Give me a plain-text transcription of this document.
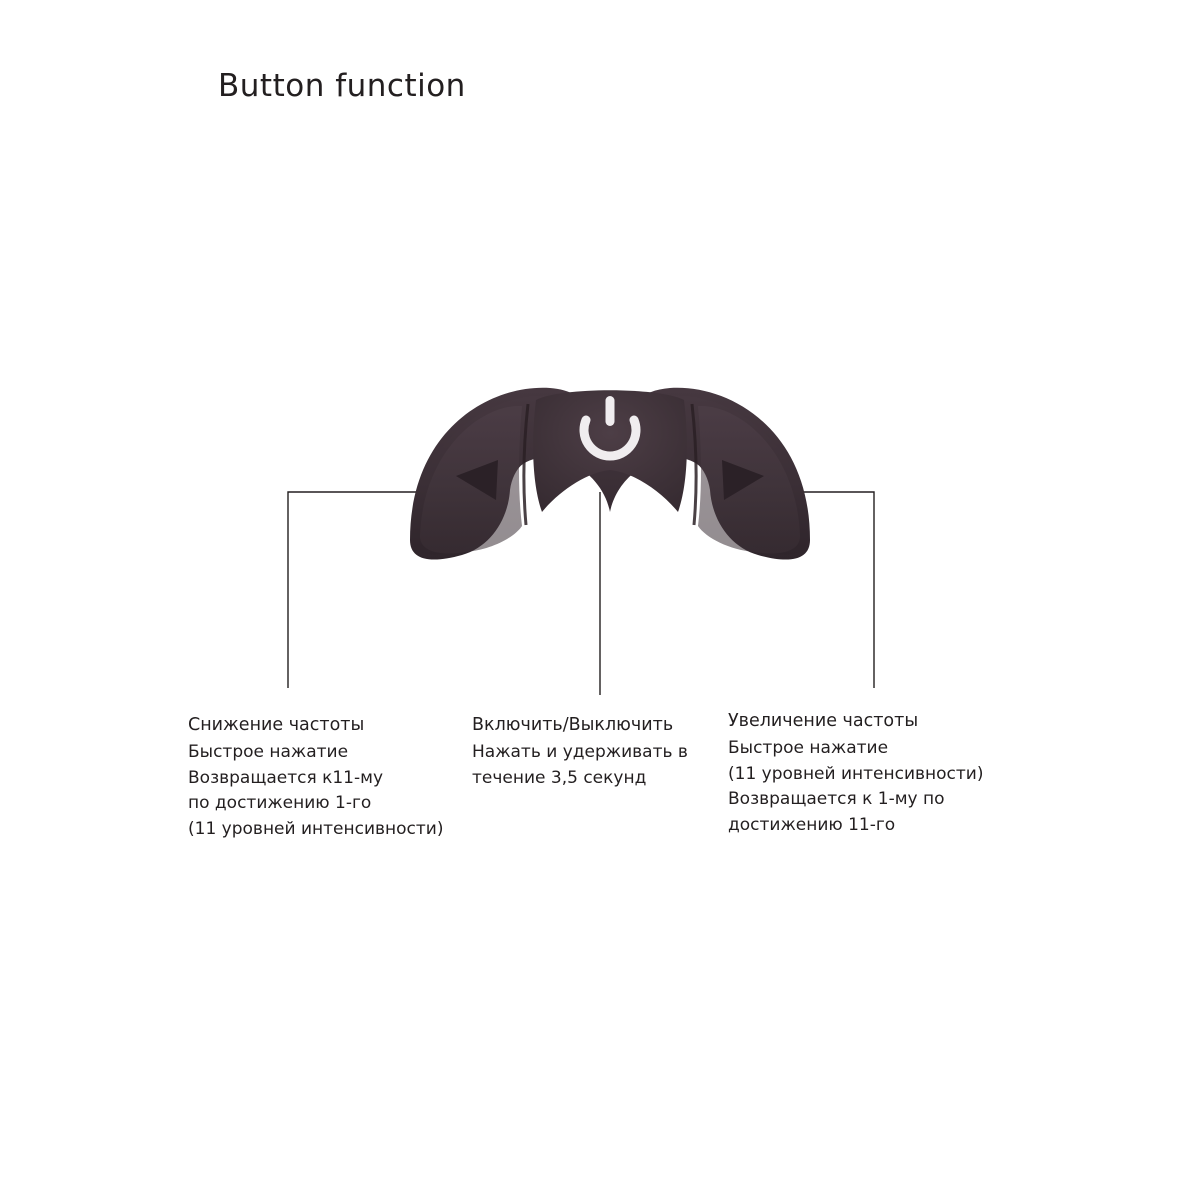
Button function
Снижение частоты
Быстрое нажатие
Возвращается к11-му
по достижению 1-го
(11 уровней интенсивности)
Включить/Выключить
Нажать и удерживать в
течение 3,5 секунд
Увеличение частоты
Быстрое нажатие
(11 уровней интенсивности)
Возвращается к 1-му по
достижению 11-го
